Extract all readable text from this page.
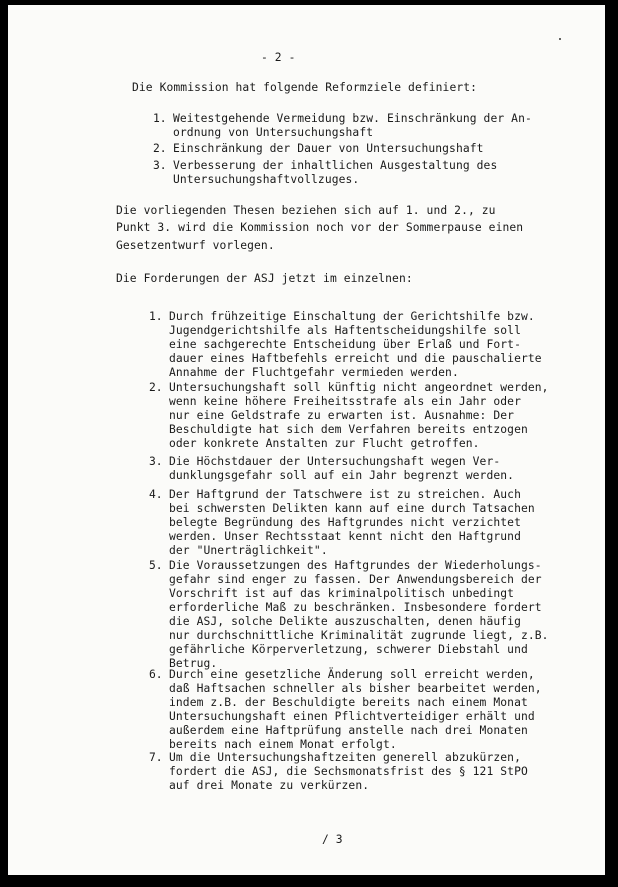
- 2 -
Die Kommission hat folgende Reformziele definiert:
1. Weitestgehende Vermeidung bzw. Einschränkung der An-
ordnung von Untersuchungshaft
2. Einschränkung der Dauer von Untersuchungshaft
3. Verbesserung der inhaltlichen Ausgestaltung des
Untersuchungshaftvollzuges.
Die vorliegenden Thesen beziehen sich auf 1. und 2., zu
Punkt 3. wird die Kommission noch vor der Sommerpause einen
Gesetzentwurf vorlegen.
Die Forderungen der ASJ jetzt im einzelnen:
1. Durch frühzeitige Einschaltung der Gerichtshilfe bzw.
Jugendgerichtshilfe als Haftentscheidungshilfe soll
eine sachgerechte Entscheidung über Erlaß und Fort-
dauer eines Haftbefehls erreicht und die pauschalierte
Annahme der Fluchtgefahr vermieden werden.
2. Untersuchungshaft soll künftig nicht angeordnet werden,
wenn keine höhere Freiheitsstrafe als ein Jahr oder
nur eine Geldstrafe zu erwarten ist. Ausnahme: Der
Beschuldigte hat sich dem Verfahren bereits entzogen
oder konkrete Anstalten zur Flucht getroffen.
3. Die Höchstdauer der Untersuchungshaft wegen Ver-
dunklungsgefahr soll auf ein Jahr begrenzt werden.
4. Der Haftgrund der Tatschwere ist zu streichen. Auch
bei schwersten Delikten kann auf eine durch Tatsachen
belegte Begründung des Haftgrundes nicht verzichtet
werden. Unser Rechtsstaat kennt nicht den Haftgrund
der "Unerträglichkeit".
5. Die Voraussetzungen des Haftgrundes der Wiederholungs-
gefahr sind enger zu fassen. Der Anwendungsbereich der
Vorschrift ist auf das kriminalpolitisch unbedingt
erforderliche Maß zu beschränken. Insbesondere fordert
die ASJ, solche Delikte auszuschalten, denen häufig
nur durchschnittliche Kriminalität zugrunde liegt, z.B.
gefährliche Körperverletzung, schwerer Diebstahl und
Betrug.
6. Durch eine gesetzliche Änderung soll erreicht werden,
daß Haftsachen schneller als bisher bearbeitet werden,
indem z.B. der Beschuldigte bereits nach einem Monat
Untersuchungshaft einen Pflichtverteidiger erhält und
außerdem eine Haftprüfung anstelle nach drei Monaten
bereits nach einem Monat erfolgt.
7. Um die Untersuchungshaftzeiten generell abzukürzen,
fordert die ASJ, die Sechsmonatsfrist des § 121 StPO
auf drei Monate zu verkürzen.
/ 3
